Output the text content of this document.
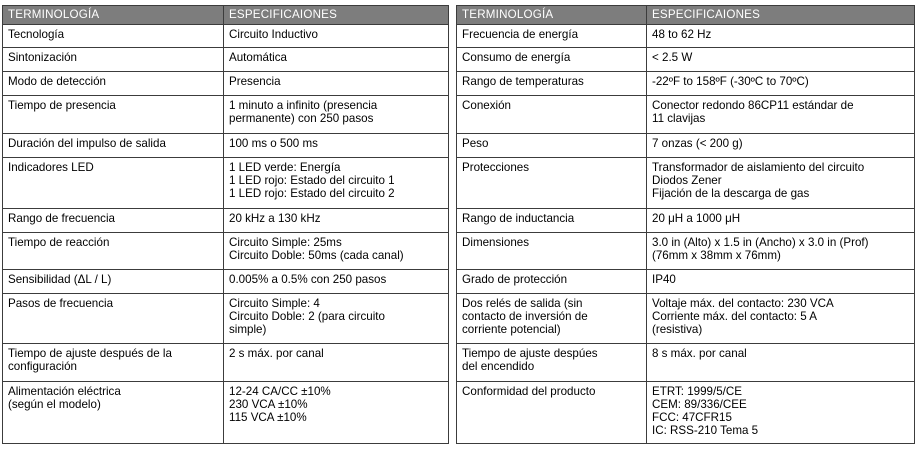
TERMINOLOGÍA	ESPECIFICAIONES
Tecnología	Circuito Inductivo
Sintonización	Automática
Modo de detección	Presencia
Tiempo de presencia	1 minuto a infinito (presencia
permanente) con 250 pasos
Duración del impulso de salida	100 ms o 500 ms
Indicadores LED	1 LED verde: Energía
1 LED rojo: Estado del circuito 1
1 LED rojo: Estado del circuito 2
Rango de frecuencia	20 kHz a 130 kHz
Tiempo de reacción	Circuito Simple: 25ms
Circuito Doble: 50ms (cada canal)
Sensibilidad (ΔL / L)	0.005% a 0.5% con 250 pasos
Pasos de frecuencia	Circuito Simple: 4
Circuito Doble: 2 (para circuito
simple)
Tiempo de ajuste después de la
configuración	2 s máx. por canal
Alimentación eléctrica
(según el modelo)	12-24 CA/CC ±10%
230 VCA ±10%
115 VCA ±10%
TERMINOLOGÍA	ESPECIFICAIONES
Frecuencia de energía	48 to 62 Hz
Consumo de energía	< 2.5 W
Rango de temperaturas	-22ºF to 158ºF (-30ºC to 70ºC)
Conexión	Conector redondo 86CP11 estándar de
11 clavijas
Peso	7 onzas (< 200 g)
Protecciones	Transformador de aislamiento del circuito
Diodos Zener
Fijación de la descarga de gas
Rango de inductancia	20 μH a 1000 μH
Dimensiones	3.0 in (Alto) x 1.5 in (Ancho) x 3.0 in (Prof)
(76mm x 38mm x 76mm)
Grado de protección	IP40
Dos relés de salida (sin
contacto de inversión de
corriente potencial)	Voltaje máx. del contacto: 230 VCA
Corriente máx. del contacto: 5 A
(resistiva)
Tiempo de ajuste despúes
del encendido	8 s máx. por canal
Conformidad del producto	ETRT: 1999/5/CE
CEM: 89/336/CEE
FCC: 47CFR15
IC: RSS-210 Tema 5
